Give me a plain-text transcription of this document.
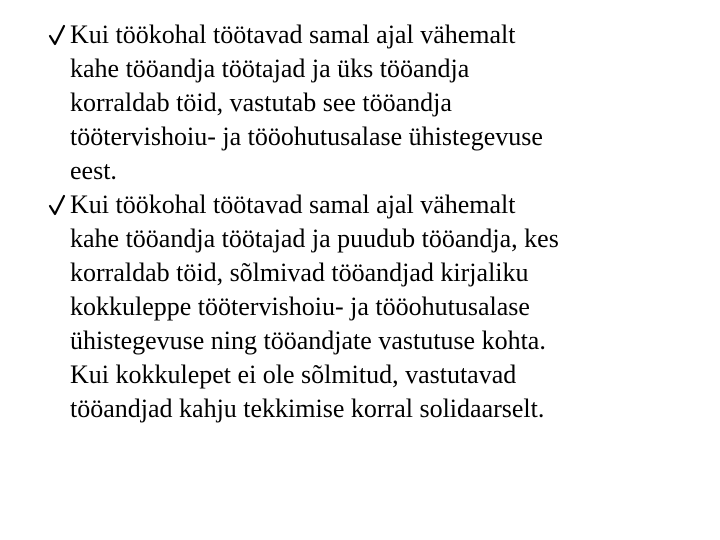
Kui töökohal töötavad samal ajal vähemalt
kahe tööandja töötajad ja üks tööandja
korraldab töid, vastutab see tööandja
töötervishoiu- ja tööohutusalase ühistegevuse
eest.

Kui töökohal töötavad samal ajal vähemalt
kahe tööandja töötajad ja puudub tööandja, kes
korraldab töid, sõlmivad tööandjad kirjaliku
kokkuleppe töötervishoiu- ja tööohutusalase
ühistegevuse ning tööandjate vastutuse kohta.
Kui kokkulepet ei ole sõlmitud, vastutavad
tööandjad kahju tekkimise korral solidaarselt.
